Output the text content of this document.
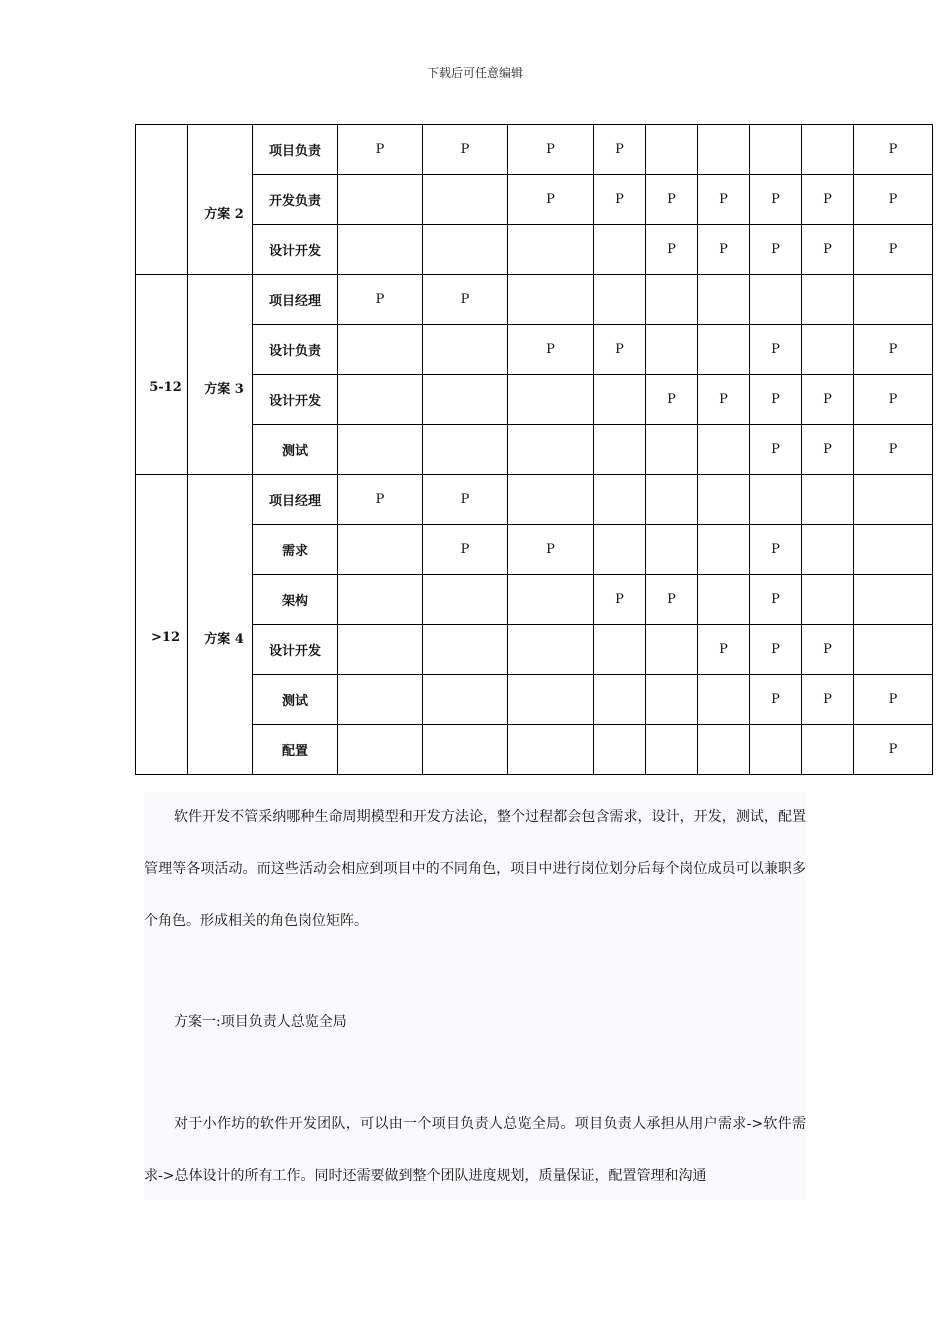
下载后可任意编辑

	方案 2	项目负责	P	P	P	P					P
		开发负责			P	P	P	P	P	P	P
		设计开发					P	P	P	P	P

5-12	方案 3	项目经理	P	P							
		设计负责			P	P			P		P
		设计开发					P	P	P	P	P
		测试							P	P	P

>12	方案 4	项目经理	P	P							
		需求		P	P				P		
		架构				P	P		P		
		设计开发						P	P	P	
		测试							P	P	P
		配置									P
软件开发不管采纳哪种生命周期模型和开发方法论，整个过程都会包含需求，设计，开发，测试，配置管理等各项活动。而这些活动会相应到项目中的不同角色，项目中进行岗位划分后每个岗位成员可以兼职多个角色。形成相关的角色岗位矩阵。
方案一:项目负责人总览全局
对于小作坊的软件开发团队，可以由一个项目负责人总览全局。项目负责人承担从用户需求->软件需求->总体设计的所有工作。同时还需要做到整个团队进度规划，质量保证，配置管理和沟通
